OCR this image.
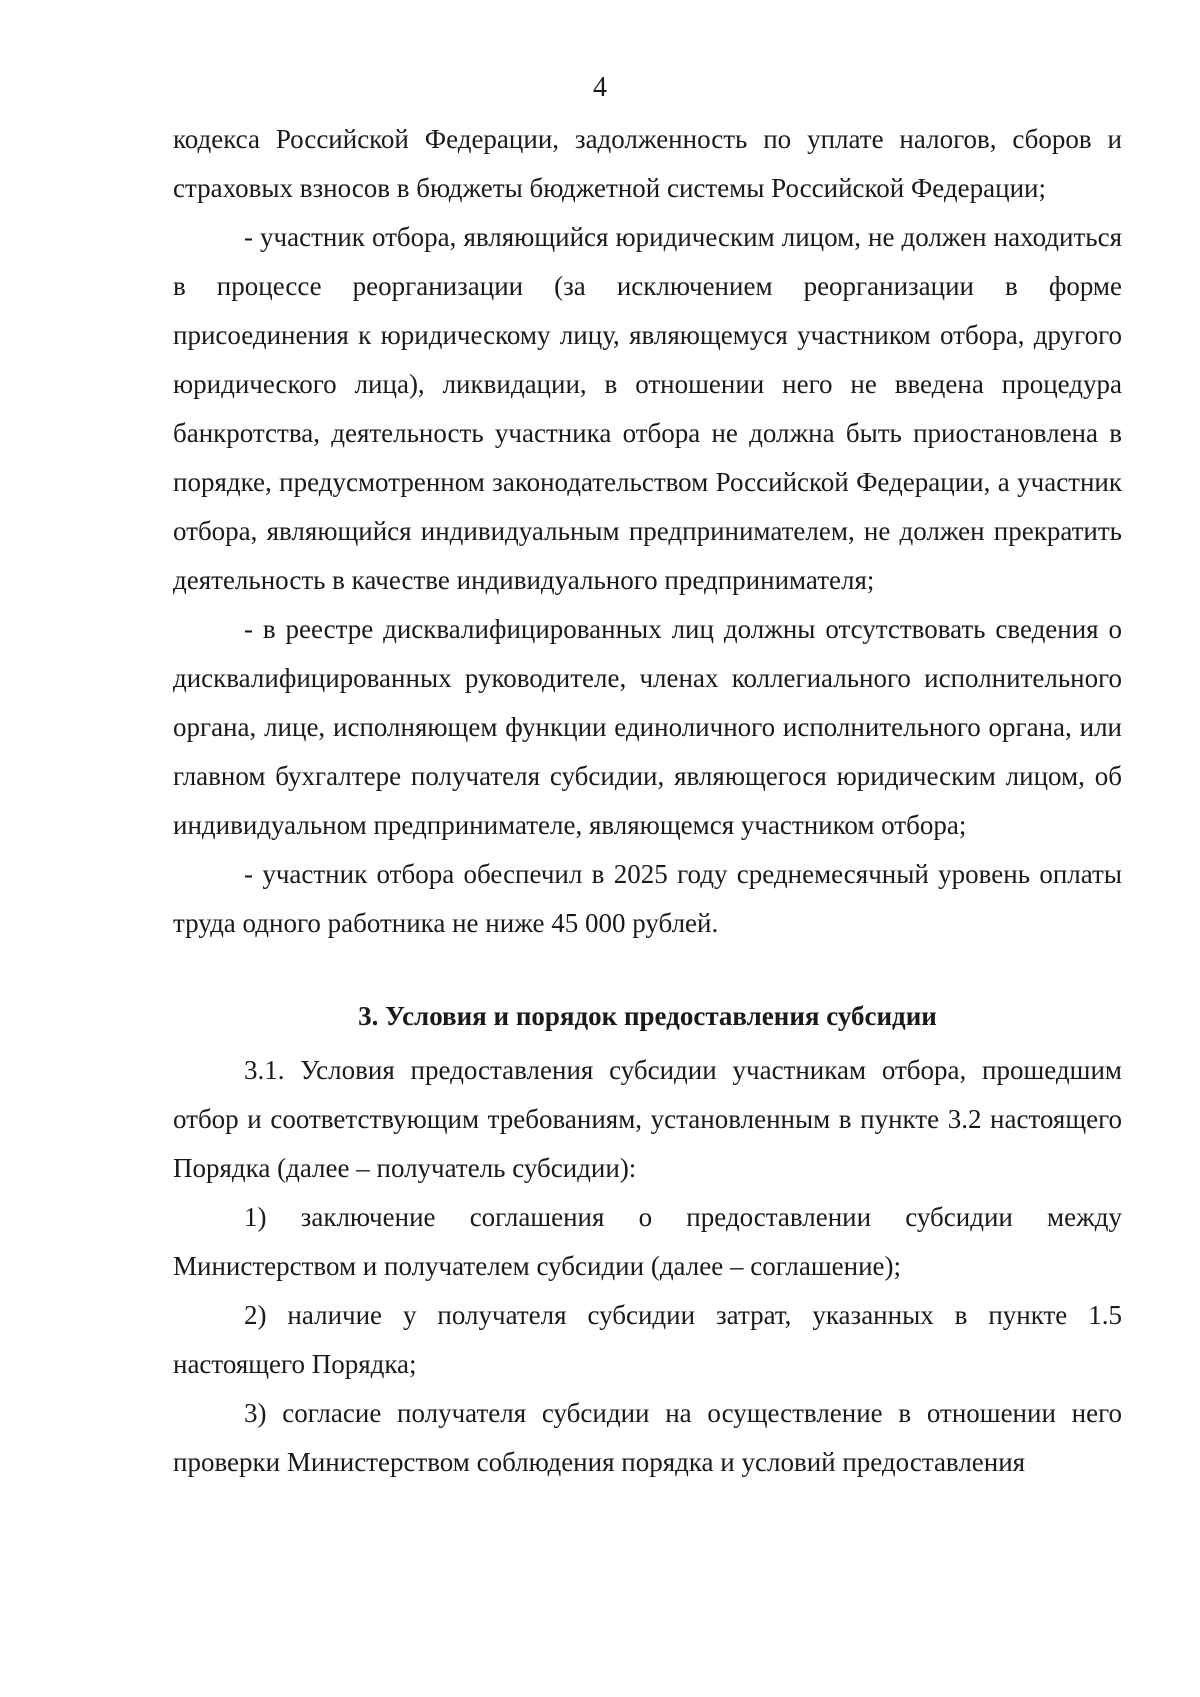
4

кодекса Российской Федерации, задолженность по уплате налогов, сборов и страховых взносов в бюджеты бюджетной системы Российской Федерации;

- участник отбора, являющийся юридическим лицом, не должен находиться в процессе реорганизации (за исключением реорганизации в форме присоединения к юридическому лицу, являющемуся участником отбора, другого юридического лица), ликвидации, в отношении него не введена процедура банкротства, деятельность участника отбора не должна быть приостановлена в порядке, предусмотренном законодательством Российской Федерации, а участник отбора, являющийся индивидуальным предпринимателем, не должен прекратить деятельность в качестве индивидуального предпринимателя;

- в реестре дисквалифицированных лиц должны отсутствовать сведения о дисквалифицированных руководителе, членах коллегиального исполнительного органа, лице, исполняющем функции единоличного исполнительного органа, или главном бухгалтере получателя субсидии, являющегося юридическим лицом, об индивидуальном предпринимателе, являющемся участником отбора;

- участник отбора обеспечил в 2025 году среднемесячный уровень оплаты труда одного работника не ниже 45 000 рублей.

3. Условия и порядок предоставления субсидии

3.1. Условия предоставления субсидии участникам отбора, прошедшим отбор и соответствующим требованиям, установленным в пункте 3.2 настоящего Порядка (далее – получатель субсидии):

1) заключение соглашения о предоставлении субсидии между Министерством и получателем субсидии (далее – соглашение);

2) наличие у получателя субсидии затрат, указанных в пункте 1.5 настоящего Порядка;

3) согласие получателя субсидии на осуществление в отношении него проверки Министерством соблюдения порядка и условий предоставления
